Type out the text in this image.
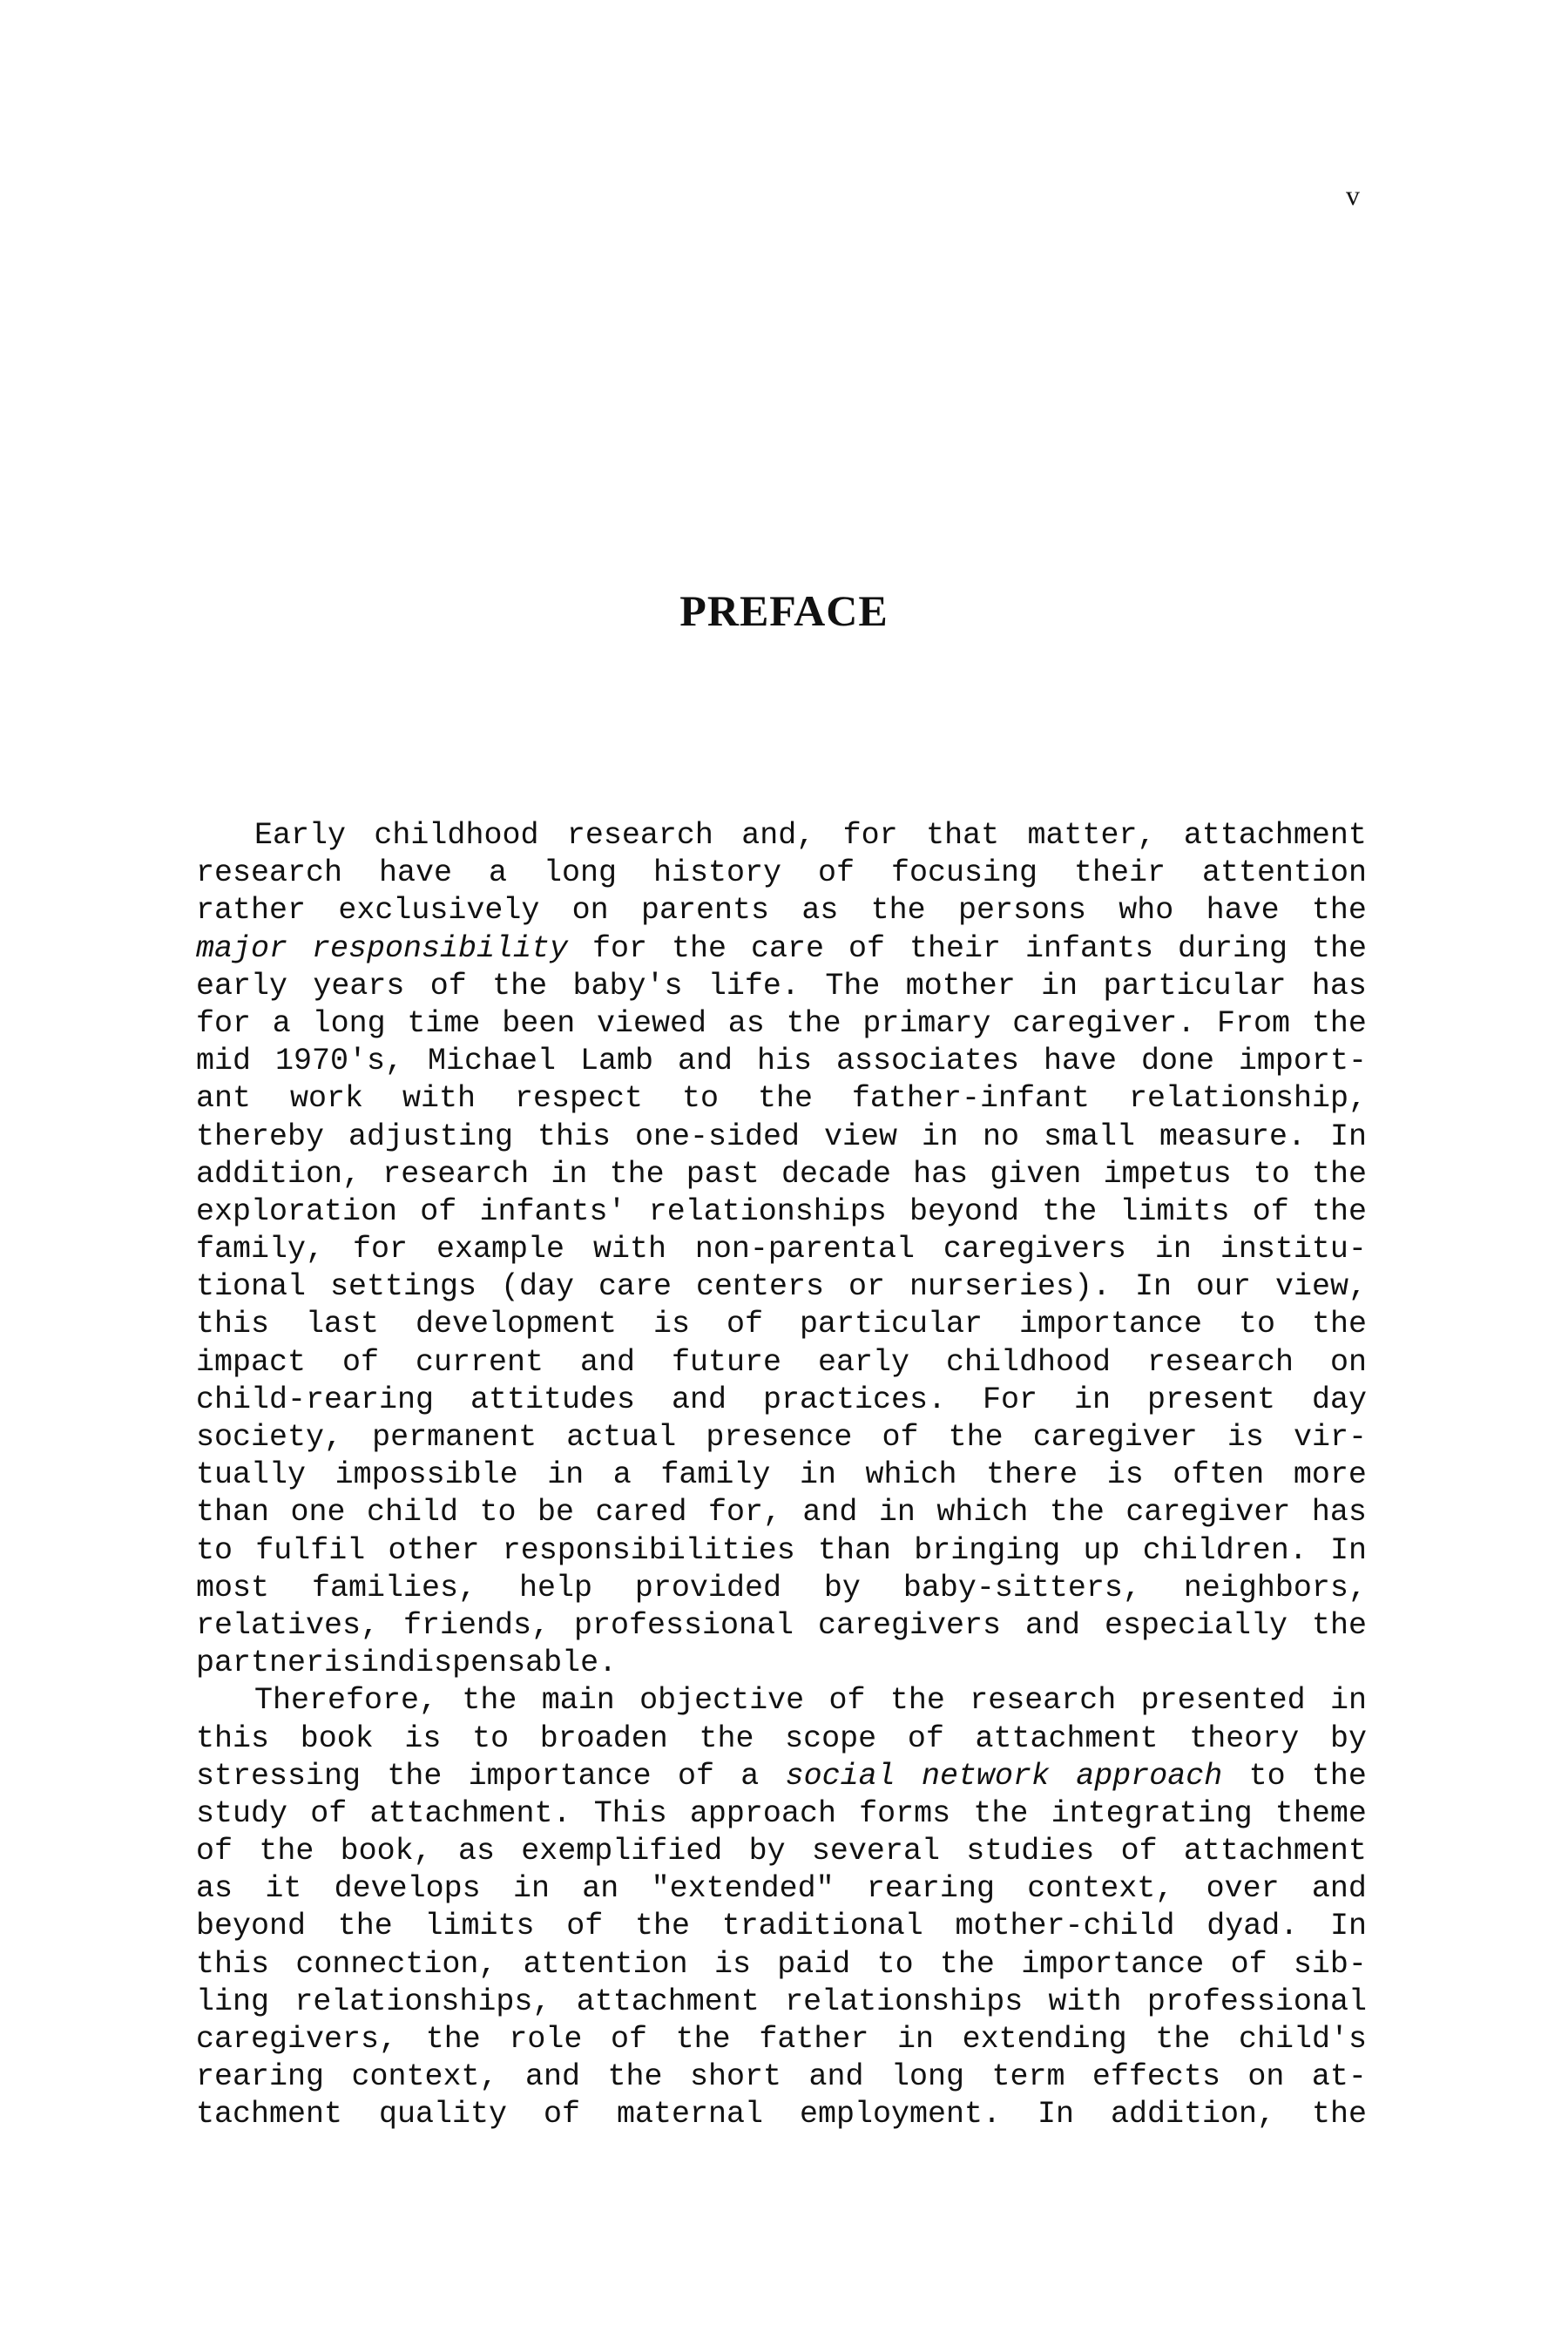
v
PREFACE
Early childhood research and, for that matter, attachment
research have a long history of focusing their attention
rather exclusively on parents as the persons who have the
major responsibility for the care of their infants during the
early years of the baby's life. The mother in particular has
for a long time been viewed as the primary caregiver. From the
mid 1970's, Michael Lamb and his associates have done import-
ant work with respect to the father-infant relationship,
thereby adjusting this one-sided view in no small measure. In
addition, research in the past decade has given impetus to the
exploration of infants' relationships beyond the limits of the
family, for example with non-parental caregivers in institu-
tional settings (day care centers or nurseries). In our view,
this last development is of particular importance to the
impact of current and future early childhood research on
child-rearing attitudes and practices. For in present day
society, permanent actual presence of the caregiver is vir-
tually impossible in a family in which there is often more
than one child to be cared for, and in which the caregiver has
to fulfil other responsibilities than bringing up children. In
most families, help provided by baby-sitters, neighbors,
relatives, friends, professional caregivers and especially the
partner is indispensable.
Therefore, the main objective of the research presented in
this book is to broaden the scope of attachment theory by
stressing the importance of a social network approach to the
study of attachment. This approach forms the integrating theme
of the book, as exemplified by several studies of attachment
as it develops in an "extended" rearing context, over and
beyond the limits of the traditional mother-child dyad. In
this connection, attention is paid to the importance of sib-
ling relationships, attachment relationships with professional
caregivers, the role of the father in extending the child's
rearing context, and the short and long term effects on at-
tachment quality of maternal employment. In addition, the
